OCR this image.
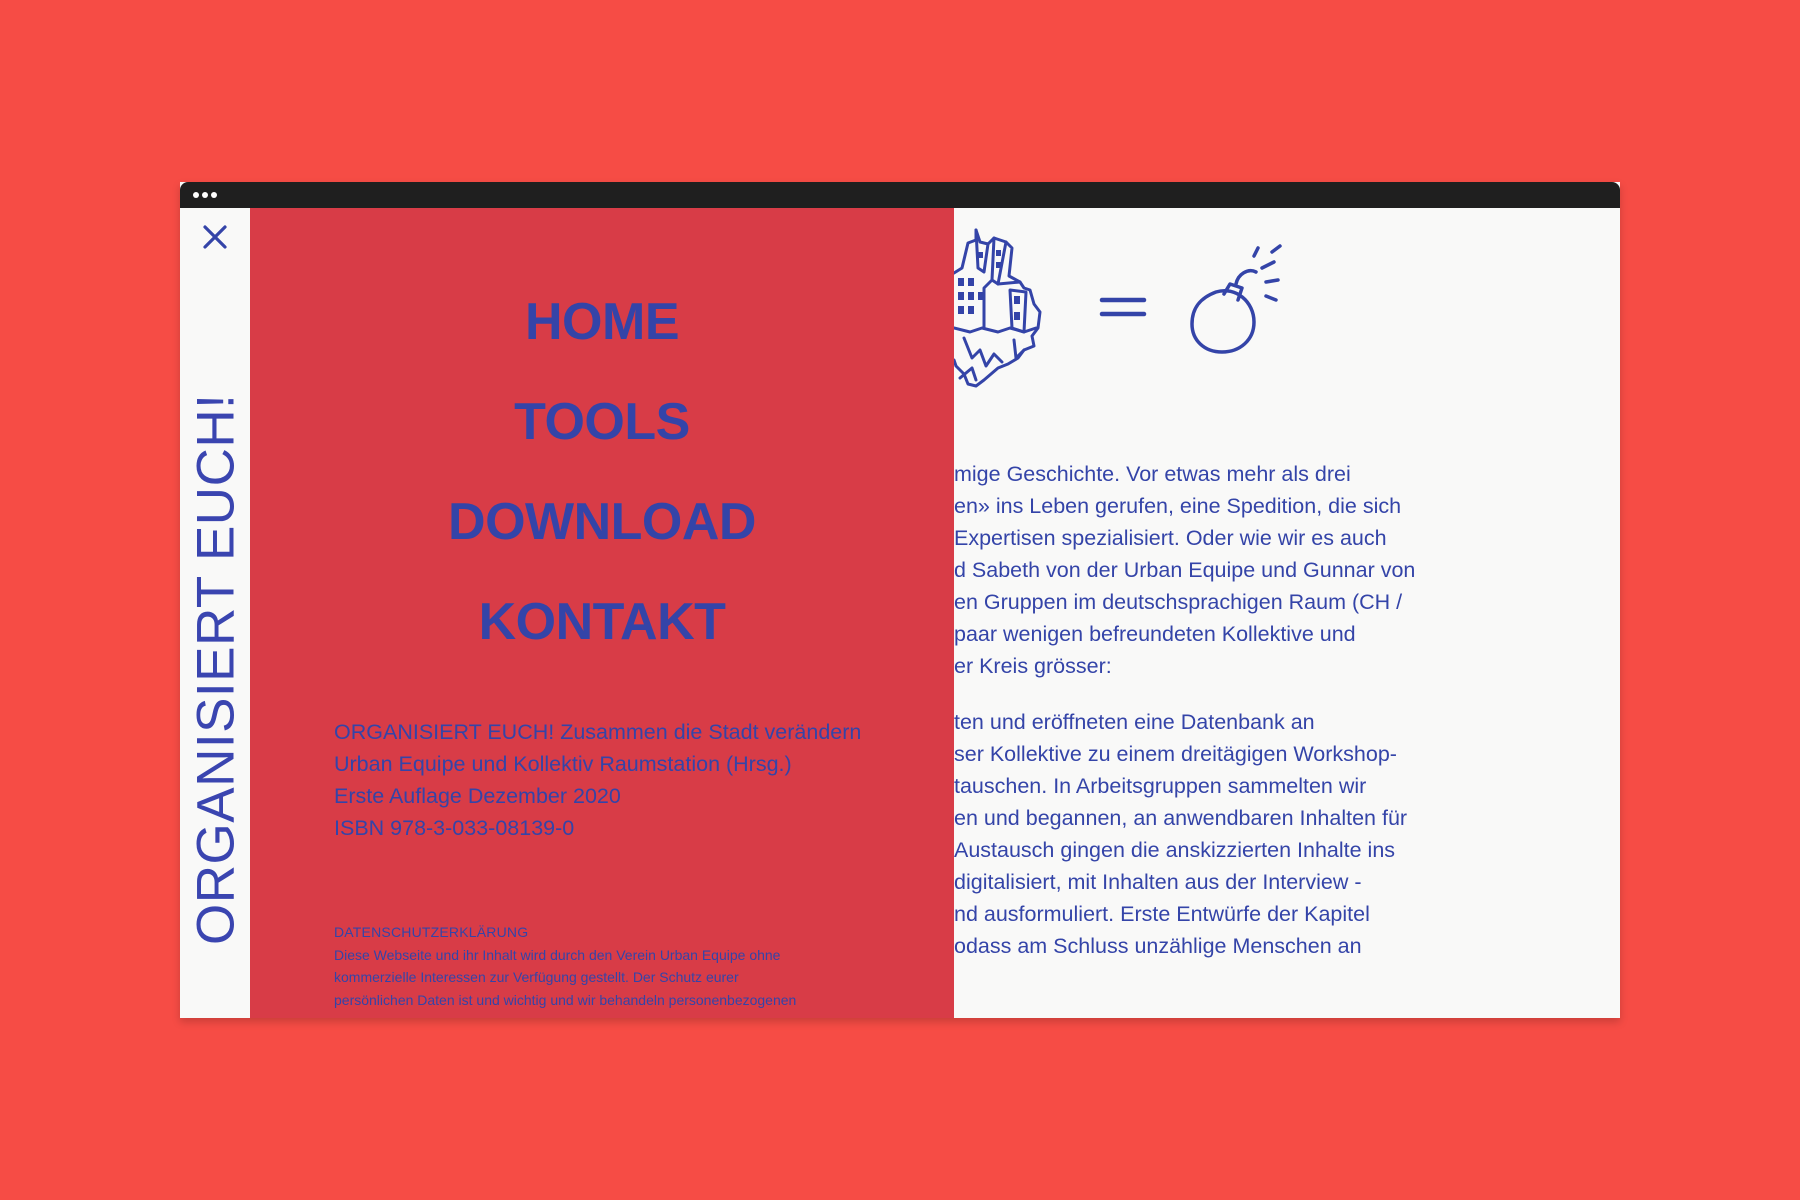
mige Geschichte. Vor etwas mehr als drei
en» ins Leben gerufen, eine Spedition, die sich
Expertisen spezialisiert. Oder wie wir es auch
d Sabeth von der Urban Equipe und Gunnar von
en Gruppen im deutschsprachigen Raum (CH /
paar wenigen befreundeten Kollektive und
er Kreis grösser:
ten und eröffneten eine Datenbank an
ser Kollektive zu einem dreitägigen Workshop-
tauschen. In Arbeitsgruppen sammelten wir
en und begannen, an anwendbaren Inhalten für
Austausch gingen die anskizzierten Inhalte ins
digitalisiert, mit Inhalten aus der Interview -
nd ausformuliert. Erste Entwürfe der Kapitel
odass am Schluss unzählige Menschen an
ORGANISIERT EUCH!
HOME
TOOLS
DOWNLOAD
KONTAKT
ORGANISIERT EUCH! Zusammen die Stadt verändern
Urban Equipe und Kollektiv Raumstation (Hrsg.)
Erste Auflage Dezember 2020
ISBN 978-3-033-08139-0
DATENSCHUTZERKLÄRUNG
Diese Webseite und ihr Inhalt wird durch den Verein Urban Equipe ohne
kommerzielle Interessen zur Verfügung gestellt. Der Schutz eurer
persönlichen Daten ist und wichtig und wir behandeln personenbezogenen
